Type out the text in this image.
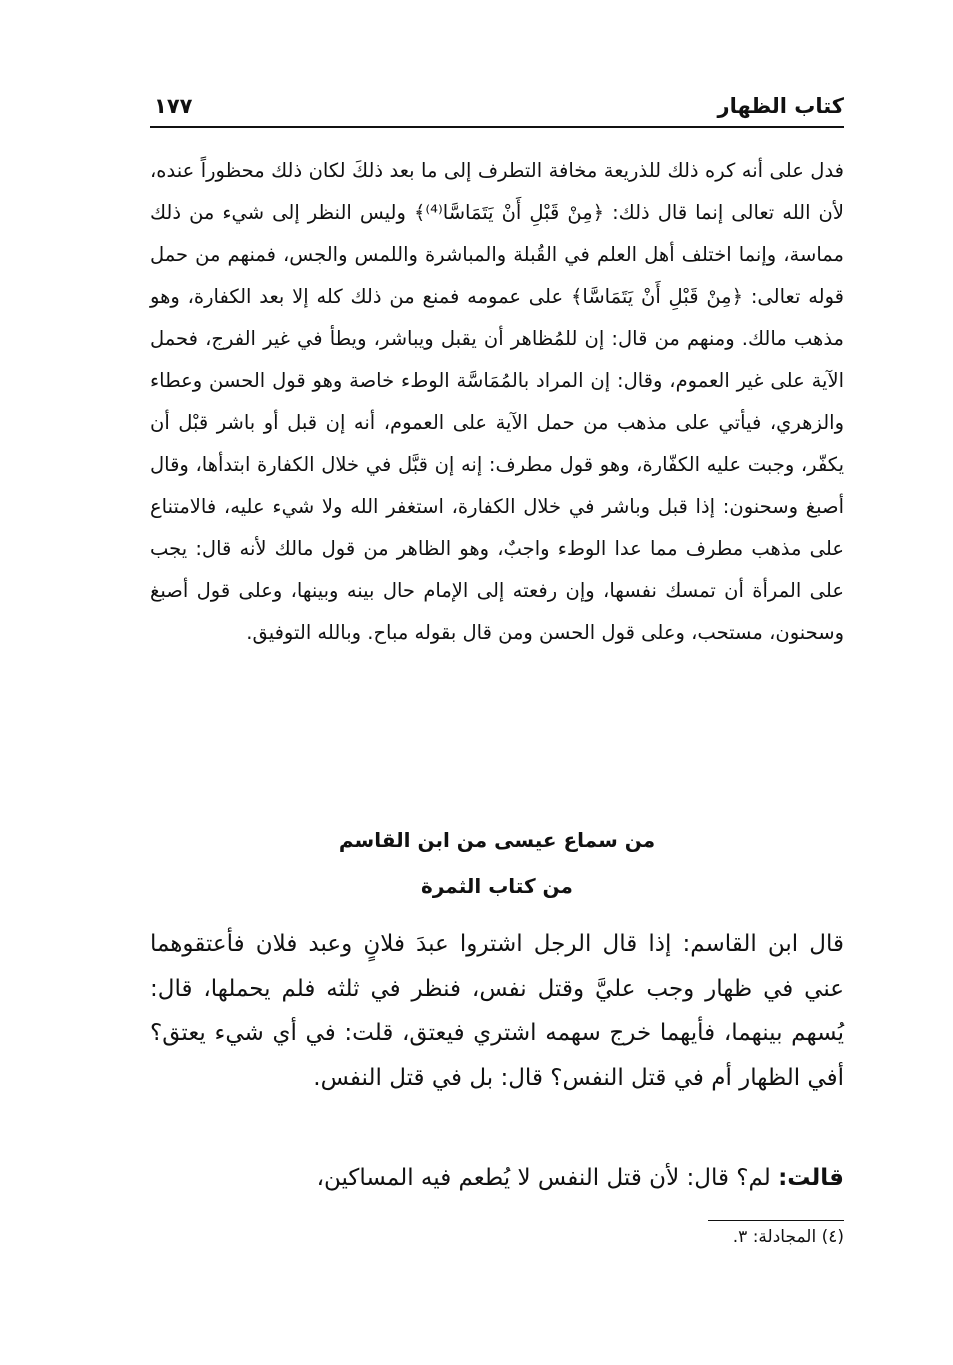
كتاب الظهار
١٧٧

فدل على أنه كره ذلك للذريعة مخافة التطرف إلى ما بعد ذلكَ لكان ذلك محظوراً عنده، لأن الله تعالى إنما قال ذلك: ﴿مِنْ قَبْلِ أَنْ يَتَمَاسَّا⁽⁴⁾﴾ وليس النظر إلى شيء من ذلك مماسة، وإنما اختلف أهل العلم في القُبلة والمباشرة واللمس والجس، فمنهم من حمل قوله تعالى: ﴿مِنْ قَبْلِ أَنْ يَتَمَاسَّا﴾ على عمومه فمنع من ذلك كله إلا بعد الكفارة، وهو مذهب مالك. ومنهم من قال: إن للمُظاهر أن يقبل ويباشر، ويطأ في غير الفرج، فحمل الآية على غير العموم، وقال: إن المراد بالمُمَاسَّة الوطء خاصة وهو قول الحسن وعطاء والزهري، فيأتي على مذهب من حمل الآية على العموم، أنه إن قبل أو باشر قبْل أن يكفّر، وجبت عليه الكفّارة، وهو قول مطرف: إنه إن قبَّل في خلال الكفارة ابتدأها، وقال أصبغ وسحنون: إذا قبل وباشر في خلال الكفارة، استغفر الله ولا شيء عليه، فالامتناع على مذهب مطرف مما عدا الوطء واجبٌ، وهو الظاهر من قول مالك لأنه قال: يجب على المرأة أن تمسك نفسها، وإن رفعته إلى الإمام حال بينه وبينها، وعلى قول أصبغ وسحنون، مستحب، وعلى قول الحسن ومن قال بقوله مباح. وبالله التوفيق.

من سماع عيسى من ابن القاسم
من كتاب الثمرة

قال ابن القاسم: إذا قال الرجل اشتروا عبدَ فلانٍ وعبد فلان فأعتقوهما عني في ظهار وجب عليَّ وقتل نفس، فنظر في ثلثه فلم يحملها، قال: يُسهم بينهما، فأيهما خرج سهمه اشتري فيعتق، قلت: في أي شيء يعتق؟ أفي الظهار أم في قتل النفس؟ قال: بل في قتل النفس.

قالت: لم؟ قال: لأن قتل النفس لا يُطعم فيه المساكين،

(٤) المجادلة: ٣.
